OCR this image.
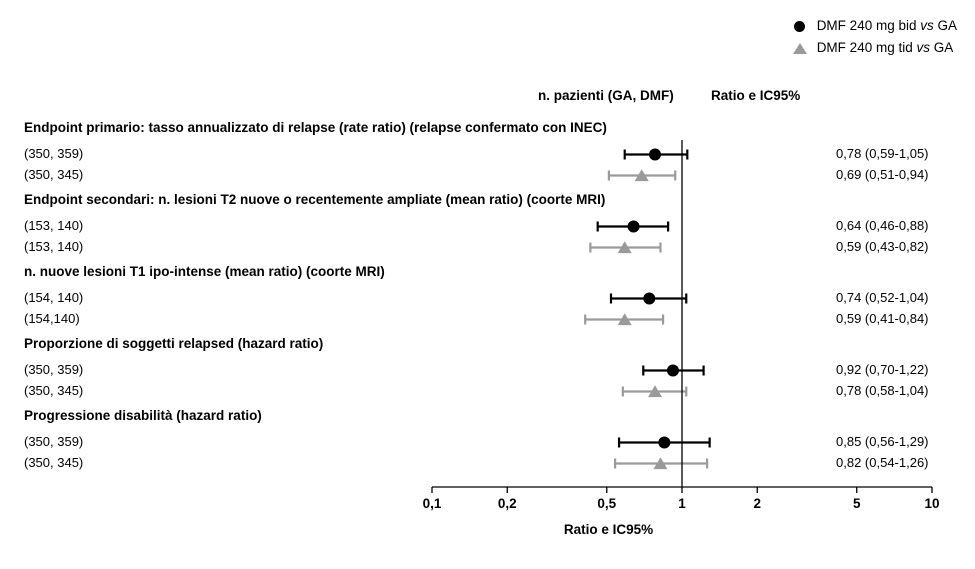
DMF 240 mg bid vs GA
DMF 240 mg tid vs GA
n. pazienti (GA, DMF)	Ratio e IC95%
Endpoint primario: tasso annualizzato di relapse (rate ratio) (relapse confermato con INEC)
(350, 359)	0,78 (0,59-1,05)
(350, 345)	0,69 (0,51-0,94)
Endpoint secondari: n. lesioni T2 nuove o recentemente ampliate (mean ratio) (coorte MRI)
(153, 140)	0,64 (0,46-0,88)
(153, 140)	0,59 (0,43-0,82)
n. nuove lesioni T1 ipo-intense (mean ratio) (coorte MRI)
(154, 140)	0,74 (0,52-1,04)
(154,140)	0,59 (0,41-0,84)
Proporzione di soggetti relapsed (hazard ratio)
(350, 359)	0,92 (0,70-1,22)
(350, 345)	0,78 (0,58-1,04)
Progressione disabilità (hazard ratio)
(350, 359)	0,85 (0,56-1,29)
(350, 345)	0,82 (0,54-1,26)
0,1	0,2	0,5	1	2	5	10
Ratio e IC95%
